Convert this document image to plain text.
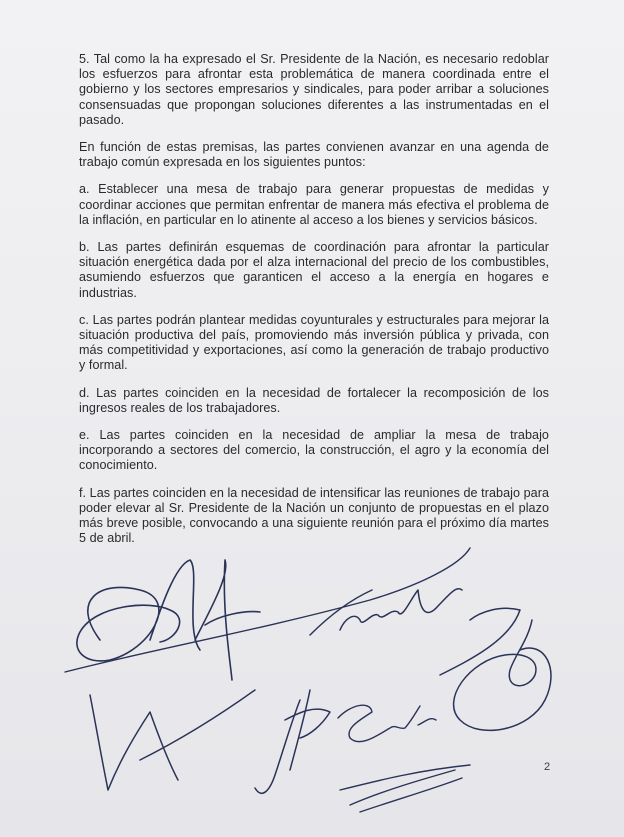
5. Tal como la ha expresado el Sr. Presidente de la Nación, es necesario redoblar los esfuerzos para afrontar esta problemática de manera coordinada entre el gobierno y los sectores empresarios y sindicales, para poder arribar a soluciones consensuadas que propongan soluciones diferentes a las instrumentadas en el pasado.

En función de estas premisas, las partes convienen avanzar en una agenda de trabajo común expresada en los siguientes puntos:

a. Establecer una mesa de trabajo para generar propuestas de medidas y coordinar acciones que permitan enfrentar de manera más efectiva el problema de la inflación, en particular en lo atinente al acceso a los bienes y servicios básicos.

b. Las partes definirán esquemas de coordinación para afrontar la particular situación energética dada por el alza internacional del precio de los combustibles, asumiendo esfuerzos que garanticen el acceso a la energía en hogares e industrias.

c. Las partes podrán plantear medidas coyunturales y estructurales para mejorar la situación productiva del país, promoviendo más inversión pública y privada, con más competitividad y exportaciones, así como la generación de trabajo productivo y formal.

d. Las partes coinciden en la necesidad de fortalecer la recomposición de los ingresos reales de los trabajadores.

e. Las partes coinciden en la necesidad de ampliar la mesa de trabajo incorporando a sectores del comercio, la construcción, el agro y la economía del conocimiento.

f. Las partes coinciden en la necesidad de intensificar las reuniones de trabajo para poder elevar al Sr. Presidente de la Nación un conjunto de propuestas en el plazo más breve posible, convocando a una siguiente reunión para el próximo día martes 5 de abril.

2
